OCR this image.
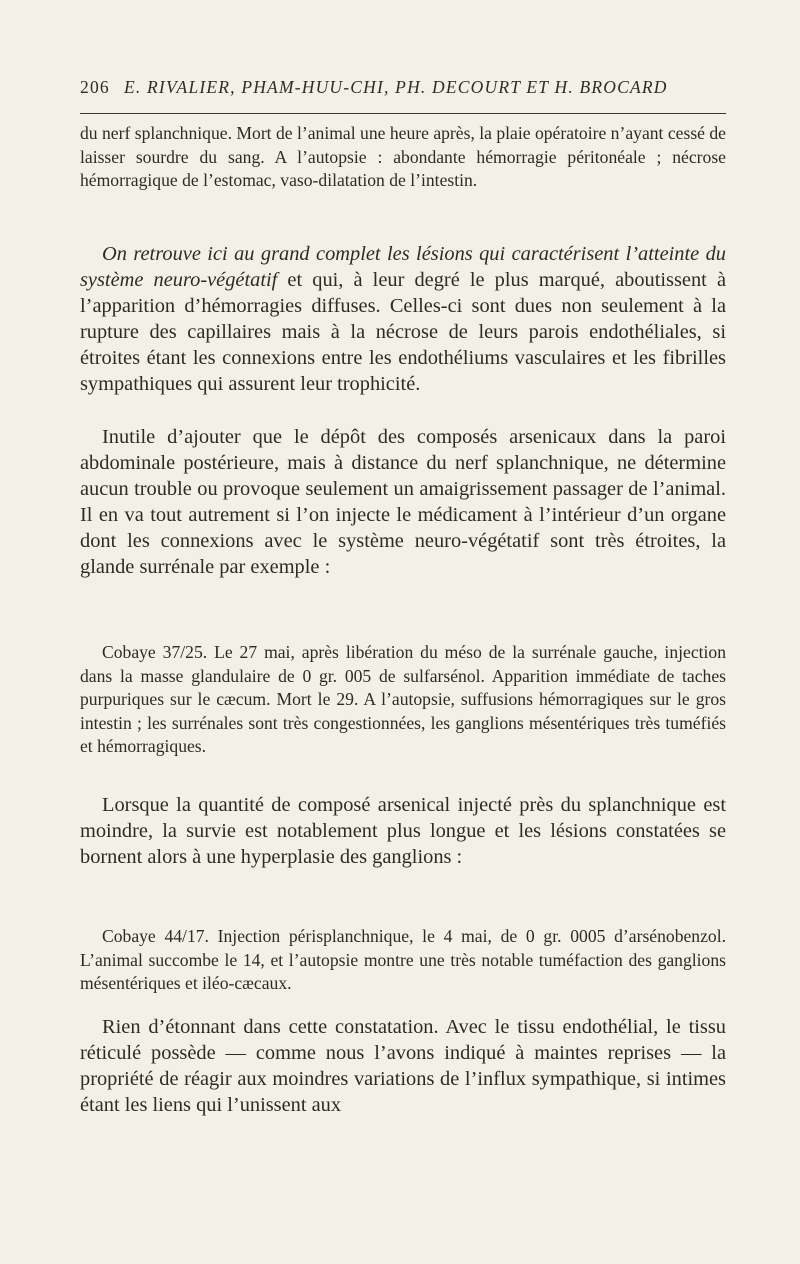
206 E. RIVALIER, PHAM-HUU-CHI, PH. DECOURT ET H. BROCARD

du nerf splanchnique. Mort de l’animal une heure après, la plaie opératoire n’ayant cessé de laisser sourdre du sang. A l’autopsie : abondante hémorragie péritonéale ; nécrose hémorragique de l’estomac, vaso-dilatation de l’intestin.

On retrouve ici au grand complet les lésions qui caractérisent l’atteinte du système neuro-végétatif et qui, à leur degré le plus marqué, aboutissent à l’apparition d’hémorragies diffuses. Celles-ci sont dues non seulement à la rupture des capillaires mais à la nécrose de leurs parois endothéliales, si étroites étant les connexions entre les endothéliums vasculaires et les fibrilles sympathiques qui assurent leur trophicité.

Inutile d’ajouter que le dépôt des composés arsenicaux dans la paroi abdominale postérieure, mais à distance du nerf splanchnique, ne détermine aucun trouble ou provoque seulement un amaigrissement passager de l’animal. Il en va tout autrement si l’on injecte le médicament à l’intérieur d’un organe dont les connexions avec le système neuro-végétatif sont très étroites, la glande surrénale par exemple :

Cobaye 37/25. Le 27 mai, après libération du méso de la surrénale gauche, injection dans la masse glandulaire de 0 gr. 005 de sulfarsénol. Apparition immédiate de taches purpuriques sur le cæcum. Mort le 29. A l’autopsie, suffusions hémorragiques sur le gros intestin ; les surrénales sont très congestionnées, les ganglions mésentériques très tuméfiés et hémorragiques.

Lorsque la quantité de composé arsenical injecté près du splanchnique est moindre, la survie est notablement plus longue et les lésions constatées se bornent alors à une hyperplasie des ganglions :

Cobaye 44/17. Injection périsplanchnique, le 4 mai, de 0 gr. 0005 d’arsénobenzol. L’animal succombe le 14, et l’autopsie montre une très notable tuméfaction des ganglions mésentériques et iléo-cæcaux.

Rien d’étonnant dans cette constatation. Avec le tissu endothélial, le tissu réticulé possède — comme nous l’avons indiqué à maintes reprises — la propriété de réagir aux moindres variations de l’influx sympathique, si intimes étant les liens qui l’unissent aux
